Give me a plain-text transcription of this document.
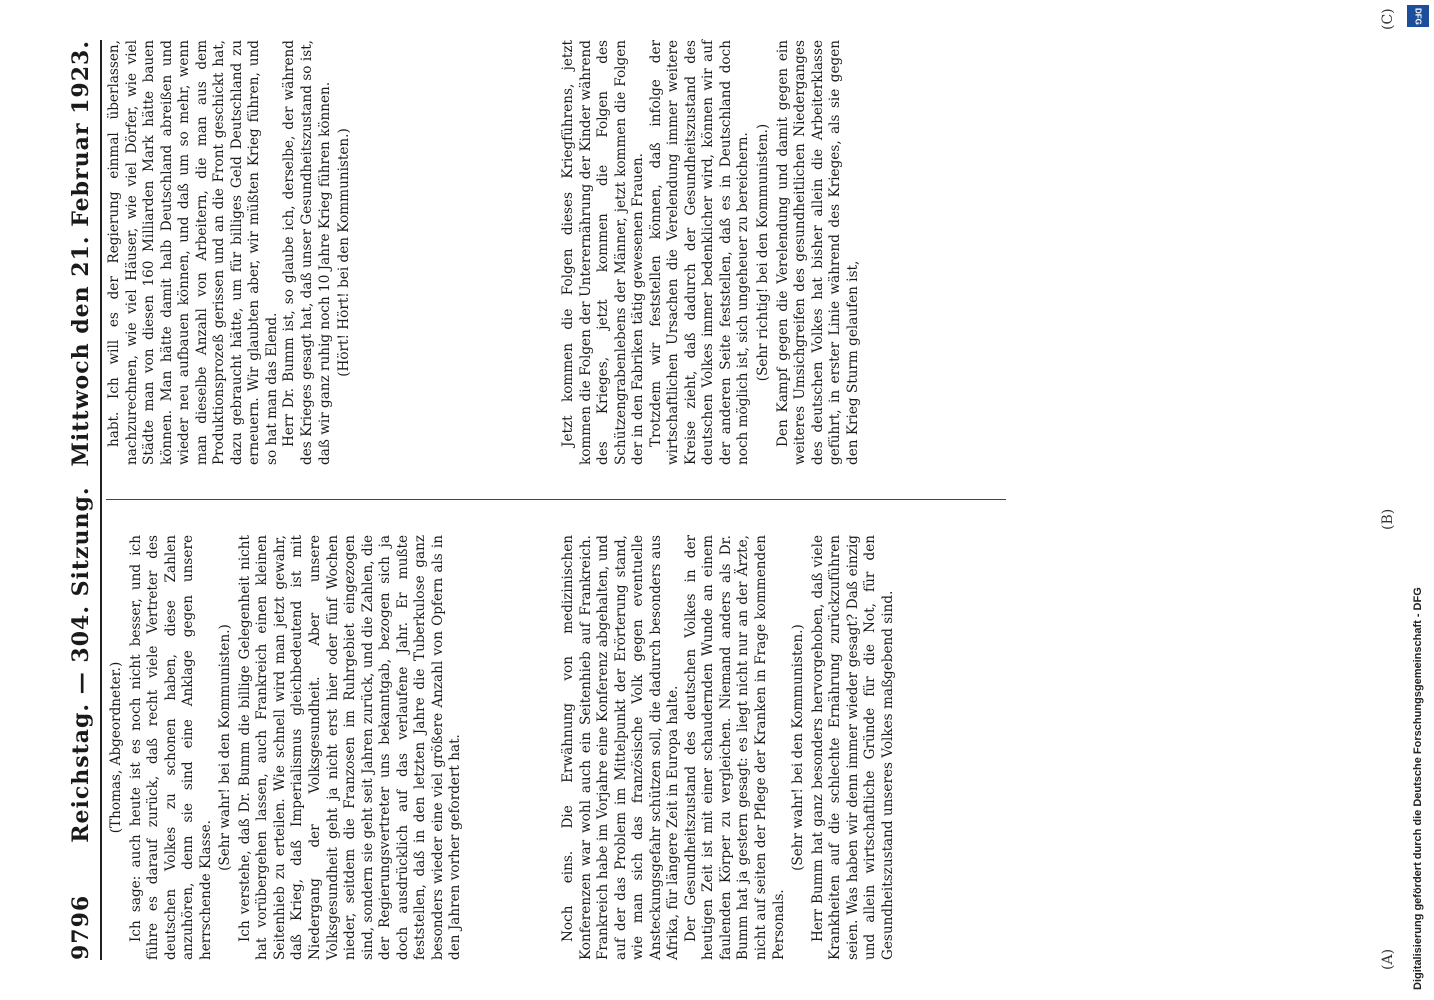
9796      Reichstag. — 304. Sitzung.
Mittwoch den 21. Februar 1923.

(Thomas, Abgeordneter.) Ich sage: auch heute ist es noch nicht besser, und ich führe es darauf zurück, daß recht viele Vertreter des deutschen Volkes zu schonen haben, diese Zahlen anzuhören, denn sie sind eine Anklage gegen unsere herrschende Klasse.

(Sehr wahr! bei den Kommunisten.) Ich verstehe, daß Dr. Bumm die billige Gelegenheit nicht hat vorübergehen lassen, auch Frankreich einen kleinen Seitenhieb zu erteilen. Wie schnell wird man jetzt gewahr, daß Krieg, daß Imperialismus gleichbedeutend ist mit Niedergang der Volksgesundheit. Aber unsere Volksgesundheit geht ja nicht erst hier oder fünf Wochen nieder, seitdem die Franzosen im Ruhrgebiet eingezogen sind, sondern sie geht seit Jahren zurück, und die Zahlen, die der Regierungsvertreter uns bekanntgab, bezogen sich ja doch ausdrücklich auf das verlaufene Jahr. Er mußte feststellen, daß in den letzten Jahre die Tuberkulose ganz besonders wieder eine viel größere Anzahl von Opfern als in den Jahren vorher gefordert hat.	Noch eins. Die Erwähnung von medizinischen Konferenzen war wohl auch ein Seitenhieb auf Frankreich. Frankreich habe im Vorjahre eine Konferenz abgehalten, und auf der das Problem im Mittelpunkt der Erörterung stand, wie man sich das französische Volk gegen eventuelle Ansteckungsgefahr schützen soll, die dadurch besonders aus Afrika, für längere Zeit in Europa halte. Der Gesundheitszustand des deutschen Volkes in der heutigen Zeit ist mit einer schaudernden Wunde an einem faulenden Körper zu vergleichen. Niemand anders als Dr. Bumm hat ja gestern gesagt: es liegt nicht nur an der Ärzte, nicht auf seiten der Pflege der Kranken in Frage kommenden Personals.

(Sehr wahr! bei den Kommunisten.) Herr Bumm hat ganz besonders hervorgehoben, daß viele Krankheiten auf die schlechte Ernährung zurückzuführen seien. Was haben wir denn immer wieder gesagt? Daß einzig und allein wirtschaftliche Gründe für die Not, für den Gesundheitszustand unseres Volkes maßgebend sind.

habt. Ich will es der Regierung einmal überlassen, nachzurechnen, wie viel Häuser, wie viel Dörfer, wie viel Städte man von diesen 160 Milliarden Mark hätte bauen können. Man hätte damit halb Deutschland abreißen und wieder neu aufbauen können, und daß um so mehr, wenn man dieselbe Anzahl von Arbeitern, die man aus dem Produktionsprozeß gerissen und an die Front geschickt hat, dazu gebraucht hätte, um für billiges Geld Deutschland zu erneuern. Wir glaubten aber, wir müßten Krieg führen, und so hat man das Elend. Herr Dr. Bumm ist, so glaube ich, derselbe, der während des Krieges gesagt hat, daß unser Gesundheitszustand so ist, daß wir ganz ruhig noch 10 Jahre Krieg führen können. (Hört! Hört! bei den Kommunisten.)	Jetzt kommen die Folgen dieses Kriegführens, jetzt kommen die Folgen der Unterernährung der Kinder während des Krieges, jetzt kommen die Folgen des Schützengrabenlebens der Männer, jetzt kommen die Folgen der in den Fabriken tätig gewesenen Frauen. Trotzdem wir feststellen können, daß infolge der wirtschaftlichen Ursachen die Verelendung immer weitere Kreise zieht, daß dadurch der Gesundheitszustand des deutschen Volkes immer bedenklicher wird, können wir auf der anderen Seite feststellen, daß es in Deutschland doch noch möglich ist, sich ungeheuer zu bereichern. (Sehr richtig! bei den Kommunisten.) Den Kampf gegen die Verelendung und damit gegen ein weiteres Umsichgreifen des gesundheitlichen Niederganges des deutschen Volkes hat bisher allein die Arbeiterklasse geführt, in erster Linie während des Krieges, als sie gegen den Krieg Sturm gelaufen ist,

(A)
(B)
(C)	DFG
Digitalisierung gefördert durch die Deutsche Forschungsgemeinschaft - DFG
